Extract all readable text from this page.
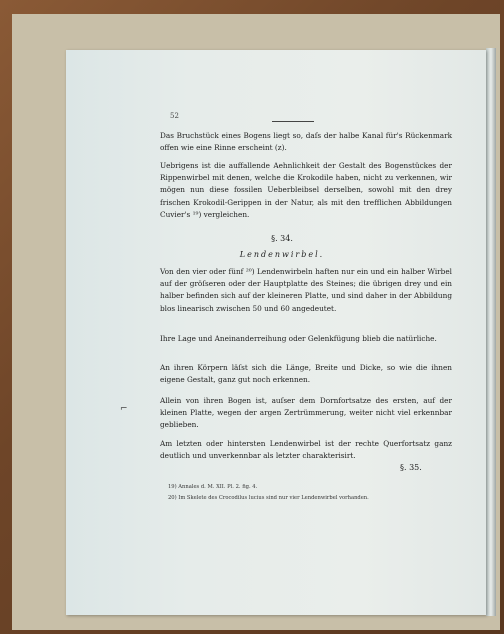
52
Das Bruchstück eines Bogens liegt so, daſs der halbe Kanal für's Rückenmark offen wie eine Rinne erscheint (z).
Uebrigens ist die auffallende Aehnlichkeit der Gestalt des Bogenstückes der Rippenwirbel mit denen, welche die Krokodile haben, nicht zu verkennen, wir mögen nun diese fossilen Ueberbleibsel derselben, sowohl mit den drey frischen Krokodil-Gerippen in der Natur, als mit den trefflichen Abbildungen Cuvier's ¹⁹) vergleichen.
§. 34.
Lendenwirbel.
Von den vier oder fünf ²⁰) Lendenwirbeln haften nur ein und ein halber Wirbel auf der gröſseren oder der Hauptplatte des Steines; die übrigen drey und ein halber befinden sich auf der kleineren Platte, und sind daher in der Abbildung blos linearisch zwischen 50 und 60 angedeutet.
Ihre Lage und Aneinanderreihung oder Gelenkfügung blieb die natürliche.
An ihren Körpern läſst sich die Länge, Breite und Dicke, so wie die ihnen eigene Gestalt, ganz gut noch erkennen.
Allein von ihren Bogen ist, auſser dem Dornfortsatze des ersten, auf der kleinen Platte, wegen der argen Zertrümmerung, weiter nicht viel erkennbar geblieben.
Am letzten oder hintersten Lendenwirbel ist der rechte Querfortsatz ganz deutlich und unverkennbar als letzter charakterisirt.
§. 35.
⌐
19) Annales d. M. XII. Pl. 2. fig. 4.
20) Im Skelete des Crocodilus lucius sind nur vier Lendenwirbel vorhanden.
